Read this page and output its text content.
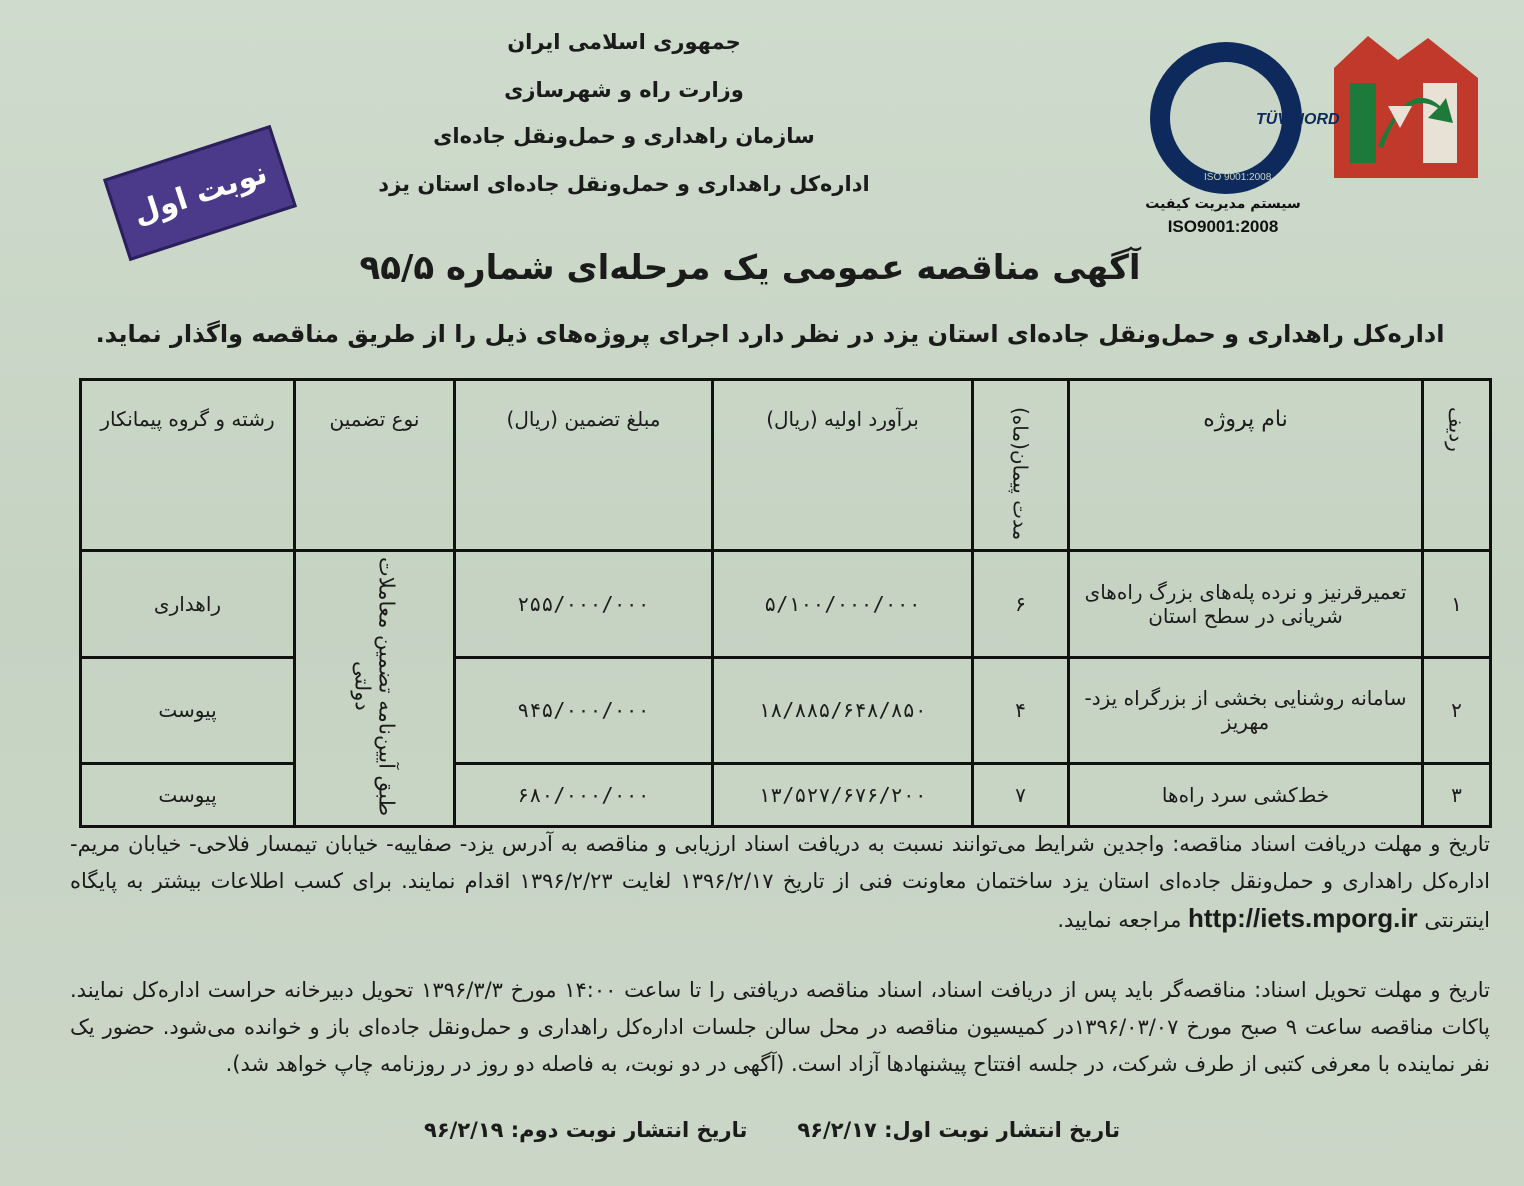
TÜV NORD
ISO 9001:2008
سیستم مدیریت کیفیت
ISO9001:2008
جمهوری اسلامی ایران
وزارت راه و شهرسازی
سازمان راهداری و حمل‌ونقل جاده‌ای
اداره‌کل راهداری و حمل‌ونقل جاده‌ای استان یزد
نوبت اول
آگهی مناقصه عمومی یک مرحله‌ای شماره ۹۵/۵
اداره‌کل راهداری و حمل‌ونقل جاده‌ای استان یزد در نظر دارد اجرای پروژه‌های ذیل را از طریق مناقصه واگذار نماید.
ردیف	نام پروژه	مدت پیمان(ماه)	برآورد اولیه (ریال)	مبلغ تضمین (ریال)	نوع تضمین	رشته و گروه پیمانکار
۱	تعمیرقرنیز و نرده پله‌های بزرگ راه‌های شریانی در سطح استان	۶	۵/۱۰۰/۰۰۰/۰۰۰	۲۵۵/۰۰۰/۰۰۰	طبق آیین‌نامه تضمین معاملات دولتی	راهداری
۲	سامانه روشنایی بخشی از بزرگراه یزد- مهریز	۴	۱۸/۸۸۵/۶۴۸/۸۵۰	۹۴۵/۰۰۰/۰۰۰		پیوست
۳	خط‌کشی سرد راه‌ها	۷	۱۳/۵۲۷/۶۷۶/۲۰۰	۶۸۰/۰۰۰/۰۰۰		پیوست
تاریخ و مهلت دریافت اسناد مناقصه: واجدین شرایط می‌توانند نسبت به دریافت اسناد ارزیابی و مناقصه به آدرس یزد- صفاییه- خیابان تیمسار فلاحی- خیابان مریم- اداره‌کل راهداری و حمل‌ونقل جاده‌ای استان یزد ساختمان معاونت فنی از تاریخ ۱۳۹۶/۲/۱۷ لغایت ۱۳۹۶/۲/۲۳ اقدام نمایند. برای کسب اطلاعات بیشتر به پایگاه اینترنتی http://iets.mporg.ir مراجعه نمایید.
تاریخ و مهلت تحویل اسناد: مناقصه‌گر باید پس از دریافت اسناد، اسناد مناقصه دریافتی را تا ساعت ۱۴:۰۰ مورخ ۱۳۹۶/۳/۳ تحویل دبیرخانه حراست اداره‌کل نمایند. پاکات مناقصه ساعت ۹ صبح مورخ ۱۳۹۶/۰۳/۰۷در کمیسیون مناقصه در محل سالن جلسات اداره‌کل راهداری و حمل‌ونقل جاده‌ای باز و خوانده می‌شود. حضور یک نفر نماینده با معرفی کتبی از طرف شرکت، در جلسه افتتاح پیشنهادها آزاد است. (آگهی در دو نوبت، به فاصله دو روز در روزنامه چاپ خواهد شد).
تاریخ انتشار نوبت اول: ۹۶/۲/۱۷
تاریخ انتشار نوبت دوم: ۹۶/۲/۱۹
